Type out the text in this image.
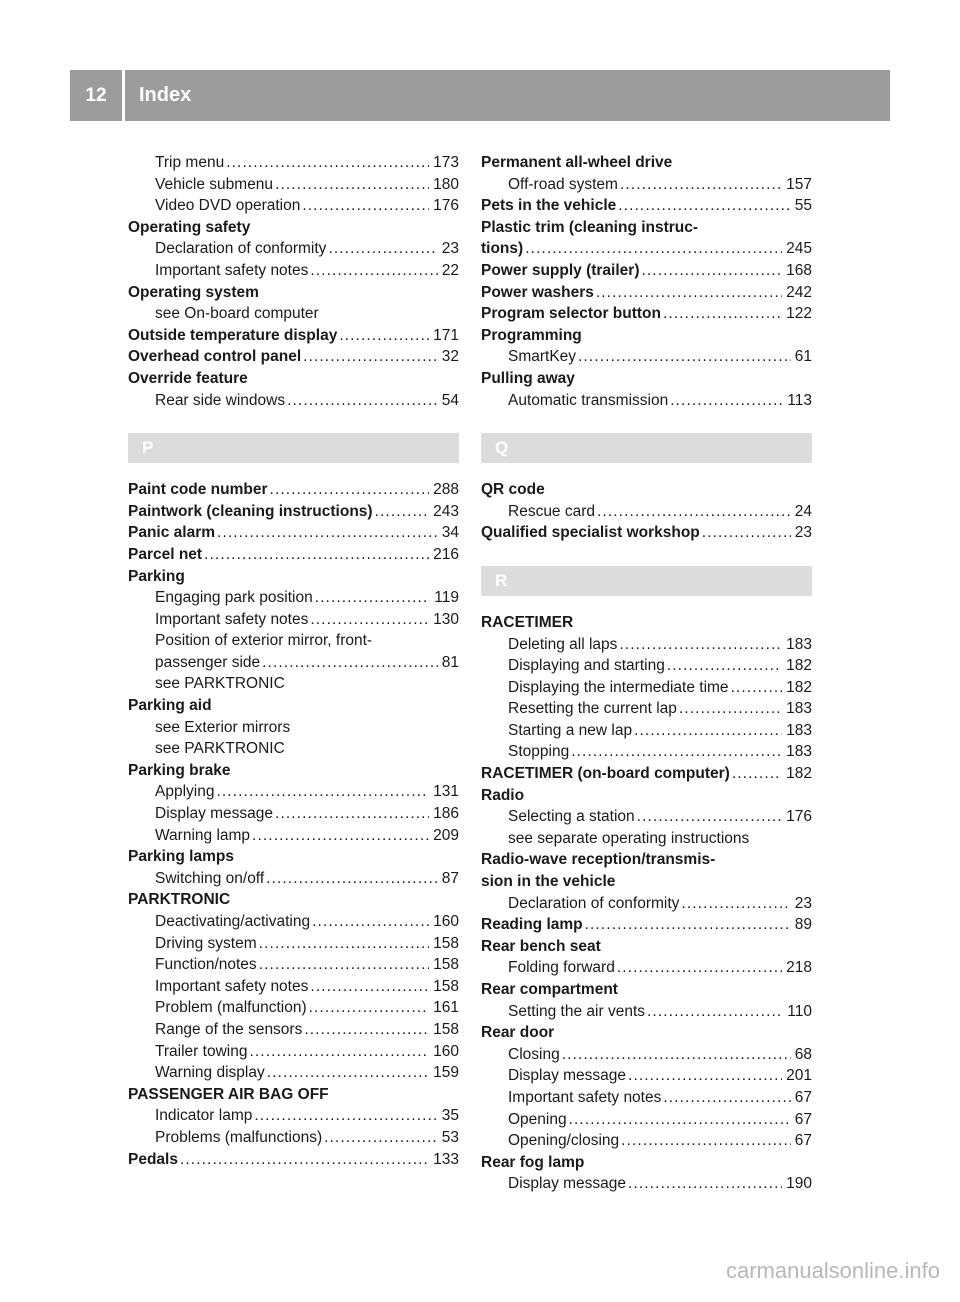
12	Index
Trip menu . . .	173
Vehicle submenu . . .	180
Video DVD operation . . .	176
Operating safety
Declaration of conformity . . .	23
Important safety notes . . .	22
Operating system
see On-board computer
Outside temperature display . . .	171
Overhead control panel . . .	32
Override feature
Rear side windows . . .	54
P
Paint code number . . .	288
Paintwork (cleaning instructions) . . .	243
Panic alarm . . .	34
Parcel net . . .	216
Parking
Engaging park position . . .	119
Important safety notes . . .	130
Position of exterior mirror, front-
passenger side . . .	81
see PARKTRONIC
Parking aid
see Exterior mirrors
see PARKTRONIC
Parking brake
Applying . . .	131
Display message . . .	186
Warning lamp . . .	209
Parking lamps
Switching on/off . . .	87
PARKTRONIC
Deactivating/activating . . .	160
Driving system . . .	158
Function/notes . . .	158
Important safety notes . . .	158
Problem (malfunction) . . .	161
Range of the sensors . . .	158
Trailer towing . . .	160
Warning display . . .	159
PASSENGER AIR BAG OFF
Indicator lamp . . .	35
Problems (malfunctions) . . .	53
Pedals . . .	133
Permanent all-wheel drive
Off-road system . . .	157
Pets in the vehicle . . .	55
Plastic trim (cleaning instruc-
tions) . . .	245
Power supply (trailer) . . .	168
Power washers . . .	242
Program selector button . . .	122
Programming
SmartKey . . .	61
Pulling away
Automatic transmission . . .	113
Q
QR code
Rescue card . . .	24
Qualified specialist workshop . . .	23
R
RACETIMER
Deleting all laps . . .	183
Displaying and starting . . .	182
Displaying the intermediate time . . .	182
Resetting the current lap . . .	183
Starting a new lap . . .	183
Stopping . . .	183
RACETIMER (on-board computer) . . .	182
Radio
Selecting a station . . .	176
see separate operating instructions
Radio-wave reception/transmis-
sion in the vehicle
Declaration of conformity . . .	23
Reading lamp . . .	89
Rear bench seat
Folding forward . . .	218
Rear compartment
Setting the air vents . . .	110
Rear door
Closing . . .	68
Display message . . .	201
Important safety notes . . .	67
Opening . . .	67
Opening/closing . . .	67
Rear fog lamp
Display message . . .	190
carmanualsonline.info
